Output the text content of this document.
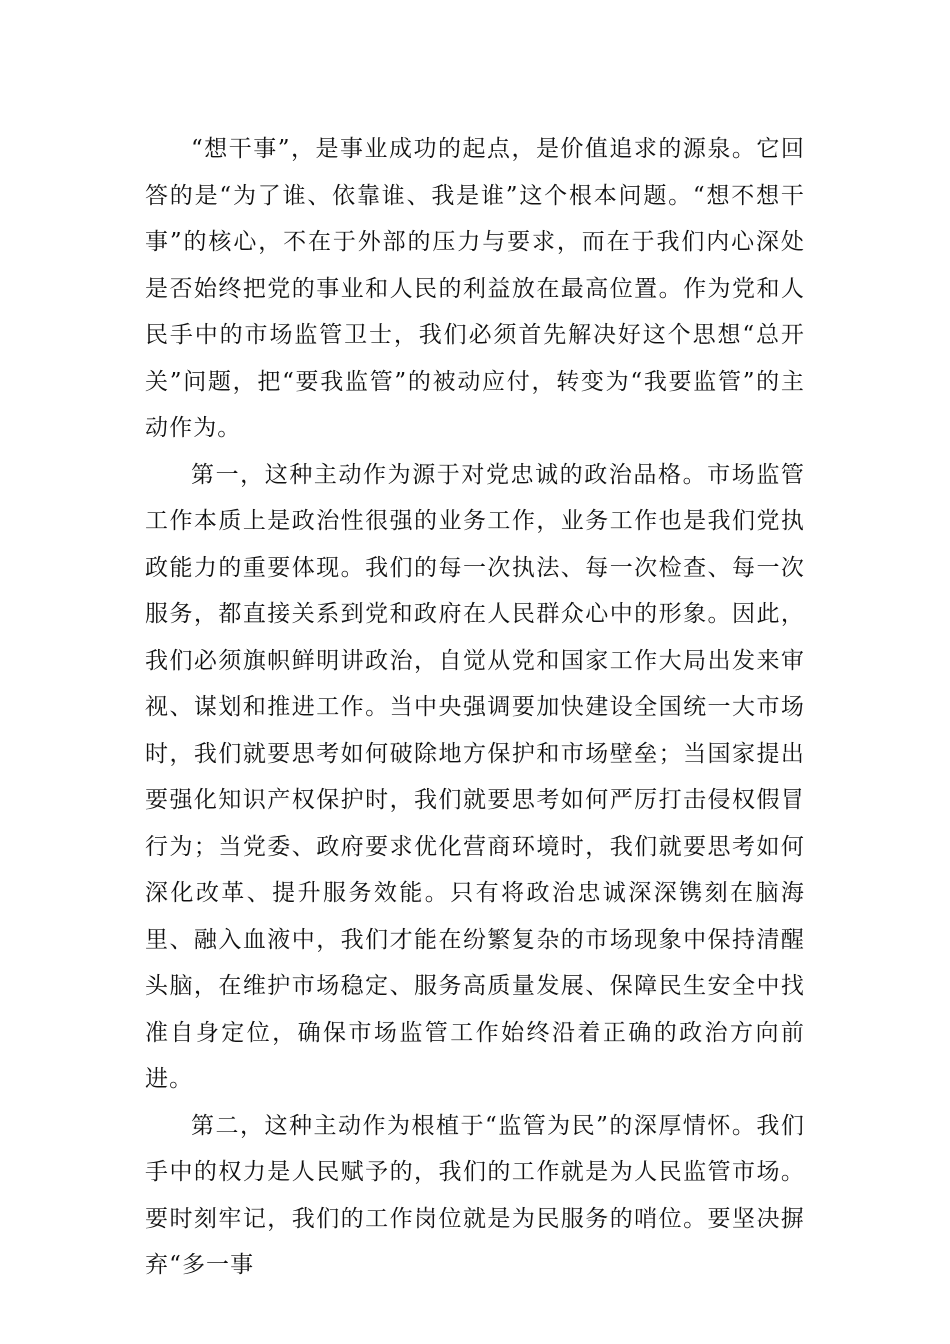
“想干事”，是事业成功的起点，是价值追求的源泉。它回答的是“为了谁、依靠谁、我是谁”这个根本问题。“想不想干事”的核心，不在于外部的压力与要求，而在于我们内心深处是否始终把党的事业和人民的利益放在最高位置。作为党和人民手中的市场监管卫士，我们必须首先解决好这个思想“总开关”问题，把“要我监管”的被动应付，转变为“我要监管”的主动作为。

第一，这种主动作为源于对党忠诚的政治品格。市场监管工作本质上是政治性很强的业务工作，业务工作也是我们党执政能力的重要体现。我们的每一次执法、每一次检查、每一次服务，都直接关系到党和政府在人民群众心中的形象。因此，我们必须旗帜鲜明讲政治，自觉从党和国家工作大局出发来审视、谋划和推进工作。当中央强调要加快建设全国统一大市场时，我们就要思考如何破除地方保护和市场壁垒；当国家提出要强化知识产权保护时，我们就要思考如何严厉打击侵权假冒行为；当党委、政府要求优化营商环境时，我们就要思考如何深化改革、提升服务效能。只有将政治忠诚深深镌刻在脑海里、融入血液中，我们才能在纷繁复杂的市场现象中保持清醒头脑，在维护市场稳定、服务高质量发展、保障民生安全中找准自身定位，确保市场监管工作始终沿着正确的政治方向前进。

第二，这种主动作为根植于“监管为民”的深厚情怀。我们手中的权力是人民赋予的，我们的工作就是为人民监管市场。要时刻牢记，我们的工作岗位就是为民服务的哨位。要坚决摒弃“多一事
